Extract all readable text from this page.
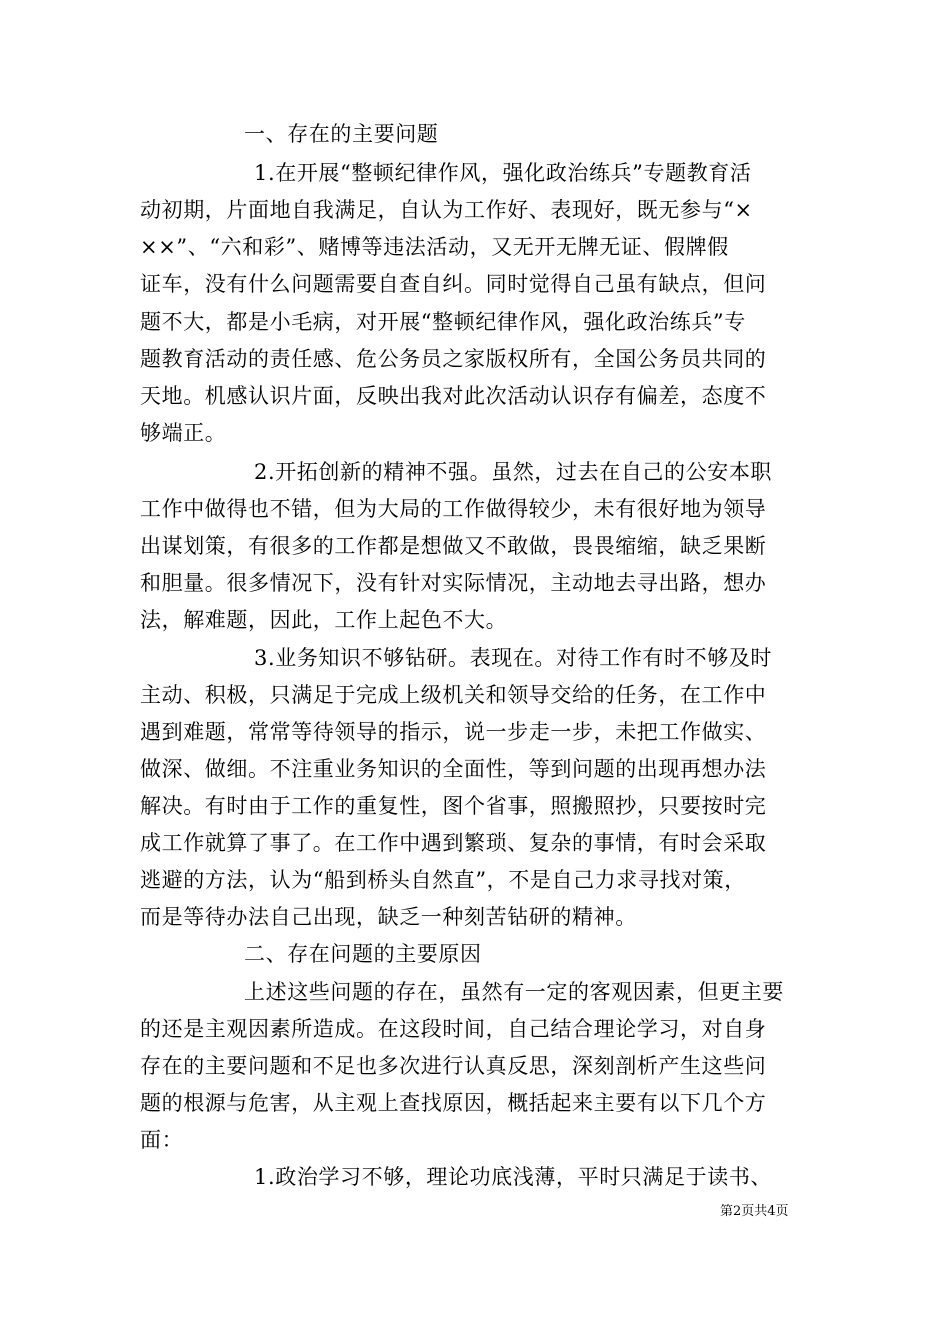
一、存在的主要问题
1.在开展“整顿纪律作风，强化政治练兵”专题教育活
动初期，片面地自我满足，自认为工作好、表现好，既无参与“×
××”、“六和彩”、赌博等违法活动，又无开无牌无证、假牌假
证车，没有什么问题需要自查自纠。同时觉得自己虽有缺点，但问
题不大，都是小毛病，对开展“整顿纪律作风，强化政治练兵”专
题教育活动的责任感、危公务员之家版权所有，全国公务员共同的
天地。机感认识片面，反映出我对此次活动认识存有偏差，态度不
够端正。
2.开拓创新的精神不强。虽然，过去在自己的公安本职
工作中做得也不错，但为大局的工作做得较少，未有很好地为领导
出谋划策，有很多的工作都是想做又不敢做，畏畏缩缩，缺乏果断
和胆量。很多情况下，没有针对实际情况，主动地去寻出路，想办
法，解难题，因此，工作上起色不大。
3.业务知识不够钻研。表现在。对待工作有时不够及时
主动、积极，只满足于完成上级机关和领导交给的任务，在工作中
遇到难题，常常等待领导的指示，说一步走一步，未把工作做实、
做深、做细。不注重业务知识的全面性，等到问题的出现再想办法
解决。有时由于工作的重复性，图个省事，照搬照抄，只要按时完
成工作就算了事了。在工作中遇到繁琐、复杂的事情，有时会采取
逃避的方法，认为“船到桥头自然直”，不是自己力求寻找对策，
而是等待办法自己出现，缺乏一种刻苦钻研的精神。
二、存在问题的主要原因
上述这些问题的存在，虽然有一定的客观因素，但更主要
的还是主观因素所造成。在这段时间，自己结合理论学习，对自身
存在的主要问题和不足也多次进行认真反思，深刻剖析产生这些问
题的根源与危害，从主观上查找原因，概括起来主要有以下几个方
面：
1.政治学习不够，理论功底浅薄，平时只满足于读书、
第2页共4页
